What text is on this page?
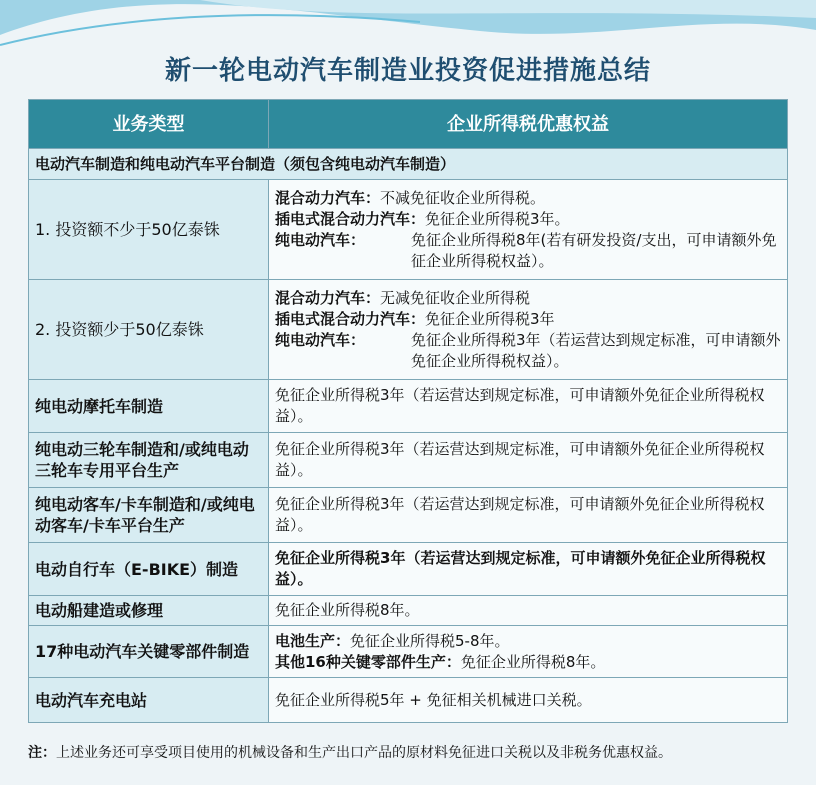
新一轮电动汽车制造业投资促进措施总结
业务类型	企业所得税优惠权益
电动汽车制造和纯电动汽车平台制造（须包含纯电动汽车制造）	
1. 投资额不少于50亿泰铢	混合动力汽车：不减免征收企业所得税。
插电式混合动力汽车：免征企业所得税3年。
纯电动汽车： 免征企业所得税8年(若有研发投资/支出，可申请额外免征企业所得税权益）。

2. 投资额少于50亿泰铢	混合动力汽车：无减免征收企业所得税
插电式混合动力汽车：免征企业所得税3年
纯电动汽车： 免征企业所得税3年（若运营达到规定标准，可申请额外免征企业所得税权益）。

纯电动摩托车制造	免征企业所得税3年（若运营达到规定标准，可申请额外免征企业所得税权益）。
纯电动三轮车制造和/或纯电动三轮车专用平台生产	免征企业所得税3年（若运营达到规定标准，可申请额外免征企业所得税权益）。
纯电动客车/卡车制造和/或纯电动客车/卡车平台生产	免征企业所得税3年（若运营达到规定标准，可申请额外免征企业所得税权益）。
电动自行车（E-BIKE）制造	免征企业所得税3年（若运营达到规定标准，可申请额外免征企业所得税权益）。
电动船建造或修理	免征企业所得税8年。
17种电动汽车关键零部件制造	电池生产：免征企业所得税5-8年。
其他16种关键零部件生产：免征企业所得税8年。

电动汽车充电站	免征企业所得税5年 + 免征相关机械进口关税。
注：上述业务还可享受项目使用的机械设备和生产出口产品的原材料免征进口关税以及非税务优惠权益。
